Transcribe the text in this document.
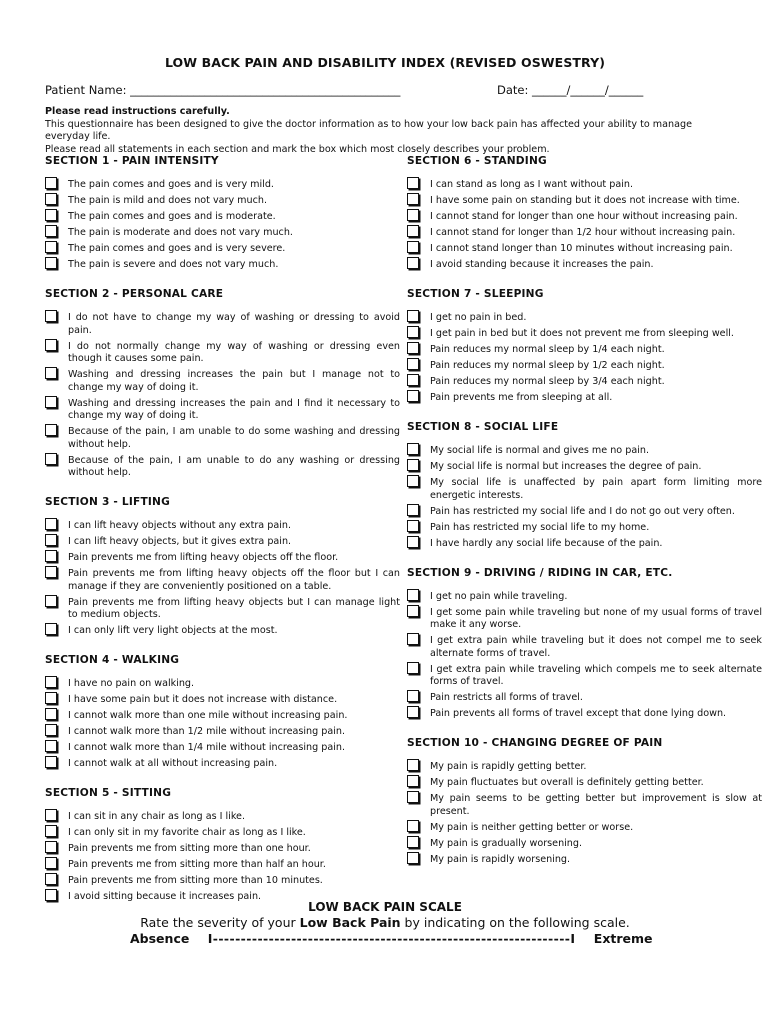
LOW BACK PAIN AND DISABILITY INDEX (REVISED OSWESTRY)
Patient Name: _______________________________________________	Date: ______/______/______
Please read instructions carefully.
This questionnaire has been designed to give the doctor information as to how your low back pain has affected your ability to manage everyday life.
Please read all statements in each section and mark the box which most closely describes your problem.
SECTION 1 - PAIN INTENSITY
The pain comes and goes and is very mild.
The pain is mild and does not vary much.
The pain comes and goes and is moderate.
The pain is moderate and does not vary much.
The pain comes and goes and is very severe.
The pain is severe and does not vary much.
SECTION 2 - PERSONAL CARE
I do not have to change my way of washing or dressing to avoid pain.
I do not normally change my way of washing or dressing even though it causes some pain.
Washing and dressing increases the pain but I manage not to change my way of doing it.
Washing and dressing increases the pain and I find it necessary to change my way of doing it.
Because of the pain, I am unable to do some washing and dressing without help.
Because of the pain, I am unable to do any washing or dressing without help.
SECTION 3 - LIFTING
I can lift heavy objects without any extra pain.
I can lift heavy objects, but it gives extra pain.
Pain prevents me from lifting heavy objects off the floor.
Pain prevents me from lifting heavy objects off the floor but I can manage if they are conveniently positioned on a table.
Pain prevents me from lifting heavy objects but I can manage light to medium objects.
I can only lift very light objects at the most.
SECTION 4 - WALKING
I have no pain on walking.
I have some pain but it does not increase with distance.
I cannot walk more than one mile without increasing pain.
I cannot walk more than 1/2 mile without increasing pain.
I cannot walk more than 1/4 mile without increasing pain.
I cannot walk at all without increasing pain.
SECTION 5 - SITTING
I can sit in any chair as long as I like.
I can only sit in my favorite chair as long as I like.
Pain prevents me from sitting more than one hour.
Pain prevents me from sitting more than half an hour.
Pain prevents me from sitting more than 10 minutes.
I avoid sitting because it increases pain.
SECTION 6 - STANDING
I can stand as long as I want without pain.
I have some pain on standing but it does not increase with time.
I cannot stand for longer than one hour without increasing pain.
I cannot stand for longer than 1/2 hour without increasing pain.
I cannot stand longer than 10 minutes without increasing pain.
I avoid standing because it increases the pain.
SECTION 7 - SLEEPING
I get no pain in bed.
I get pain in bed but it does not prevent me from sleeping well.
Pain reduces my normal sleep by 1/4 each night.
Pain reduces my normal sleep by 1/2 each night.
Pain reduces my normal sleep by 3/4 each night.
Pain prevents me from sleeping at all.
SECTION 8 - SOCIAL LIFE
My social life is normal and gives me no pain.
My social life is normal but increases the degree of pain.
My social life is unaffected by pain apart form limiting more energetic interests.
Pain has restricted my social life and I do not go out very often.
Pain has restricted my social life to my home.
I have hardly any social life because of the pain.
SECTION 9 - DRIVING / RIDING IN CAR, ETC.
I get no pain while traveling.
I get some pain while traveling but none of my usual forms of travel make it any worse.
I get extra pain while traveling but it does not compel me to seek alternate forms of travel.
I get extra pain while traveling which compels me to seek alternate forms of travel.
Pain restricts all forms of travel.
Pain prevents all forms of travel except that done lying down.
SECTION 10 - CHANGING DEGREE OF PAIN
My pain is rapidly getting better.
My pain fluctuates but overall is definitely getting better.
My pain seems to be getting better but improvement is slow at present.
My pain is neither getting better or worse.
My pain is gradually worsening.
My pain is rapidly worsening.
LOW BACK PAIN SCALE
Rate the severity of your Low Back Pain by indicating on the following scale.
Absence I----------------------------------------------------------------I Extreme
